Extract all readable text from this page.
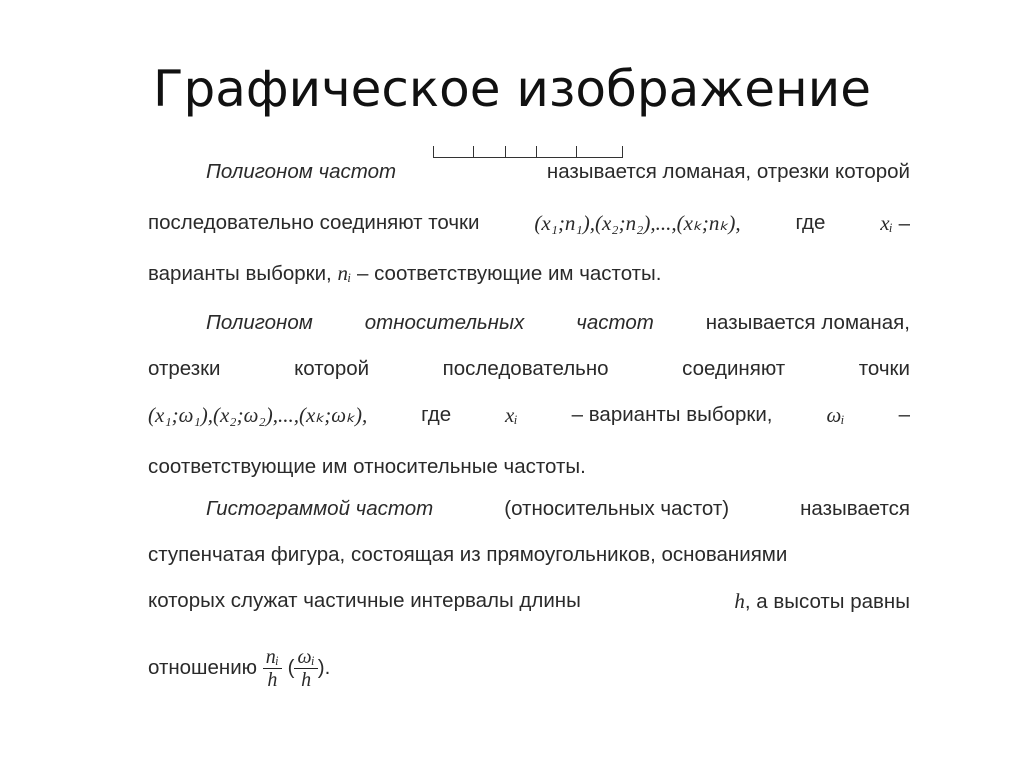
Графическое изображение
Полигоном частот	называется ломаная, отрезки которой
последовательно соединяют точки	(x₁;n₁),(x₂;n₂),...,(xₖ;nₖ),	где	xᵢ –
варианты выборки, nᵢ – соответствующие им частоты.
Полигоном	относительных	частот	называется ломаная,
отрезки	которой	последовательно	соединяют	точки
(x₁;ω₁),(x₂;ω₂),...,(xₖ;ωₖ),	где	xᵢ	– варианты выборки,	ωᵢ	–
соответствующие им относительные частоты.
Гистограммой частот	(относительных частот)	называется
ступенчатая фигура, состоящая из прямоугольников, основаниями
которых служат частичные интервалы длины	h, а высоты равны
отношению $\frac{\text{nᵢ}}{h}$ ( $\frac{\text{ωᵢ}}{h}$ ).
